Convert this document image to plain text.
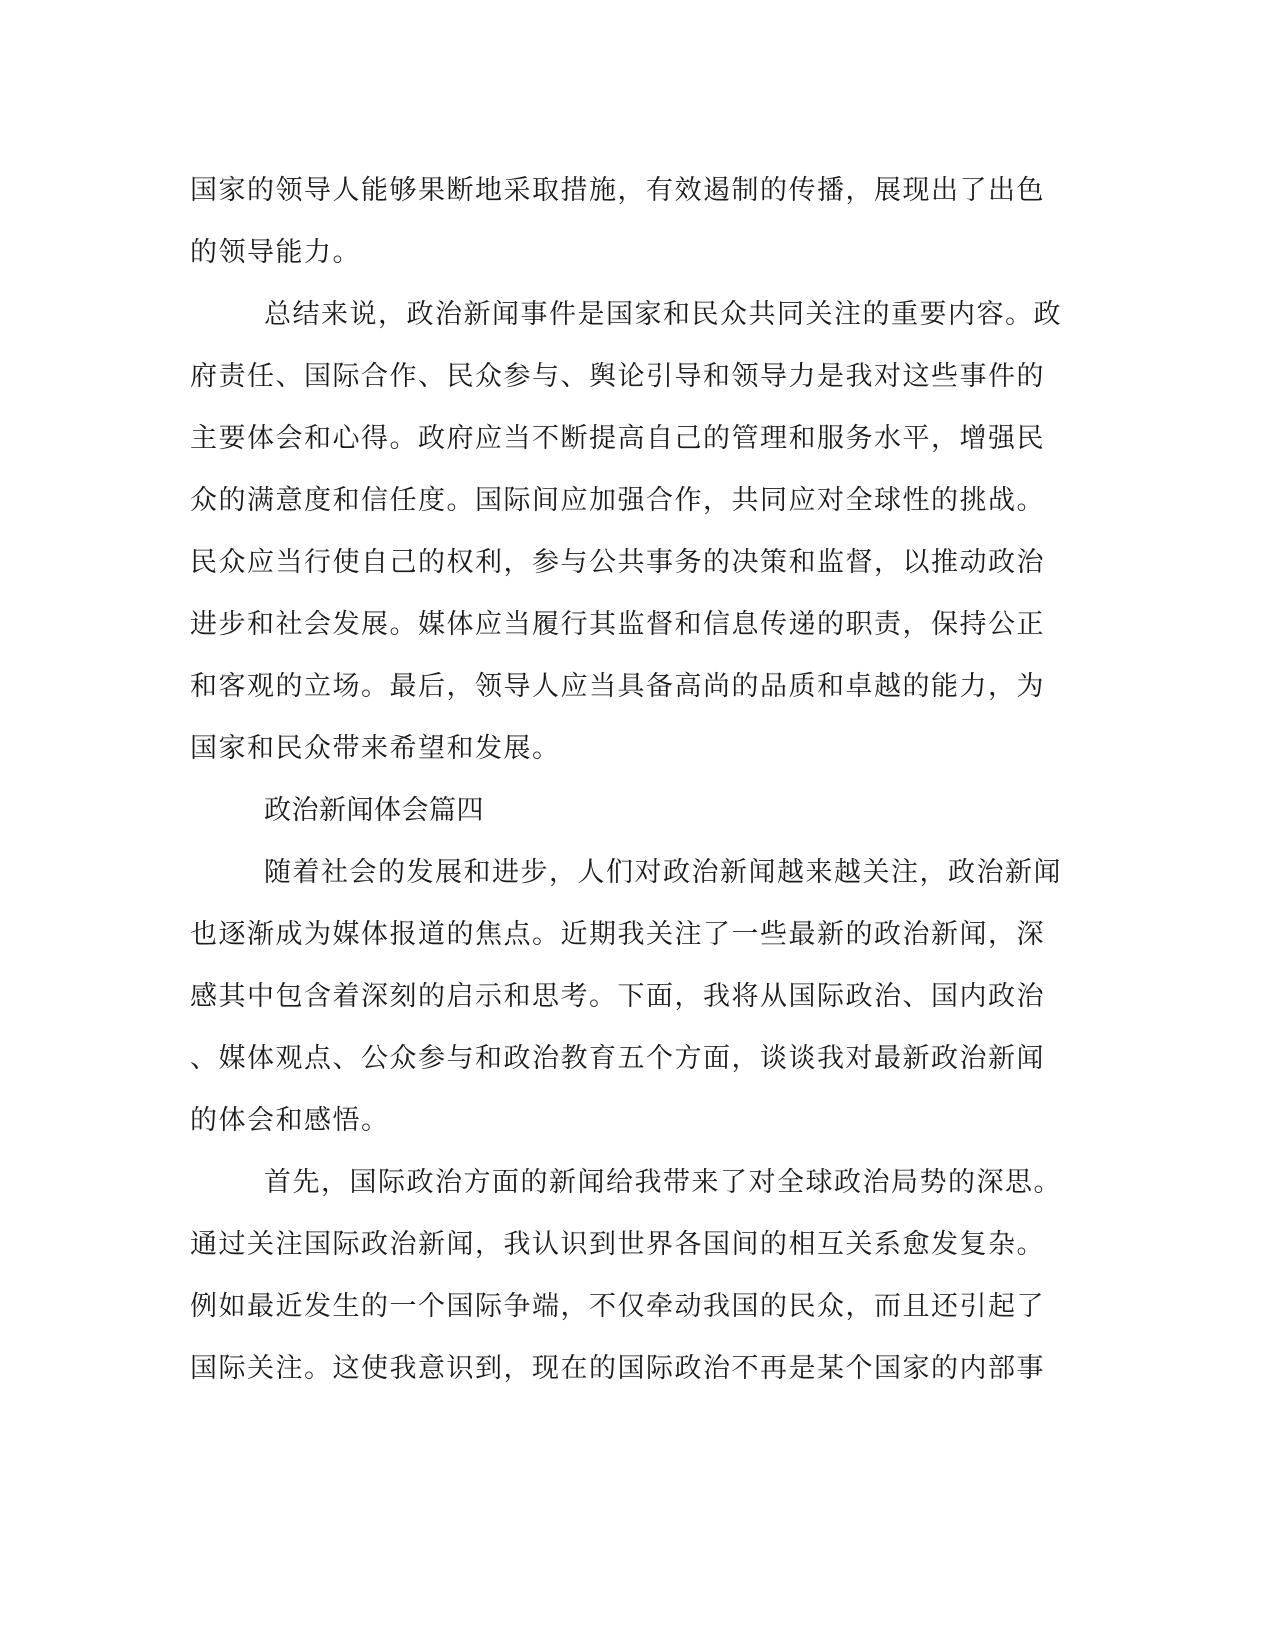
国家的领导人能够果断地采取措施，有效遏制的传播，展现出了出色
的领导能力。
总结来说，政治新闻事件是国家和民众共同关注的重要内容。政
府责任、国际合作、民众参与、舆论引导和领导力是我对这些事件的
主要体会和心得。政府应当不断提高自己的管理和服务水平，增强民
众的满意度和信任度。国际间应加强合作，共同应对全球性的挑战。
民众应当行使自己的权利，参与公共事务的决策和监督，以推动政治
进步和社会发展。媒体应当履行其监督和信息传递的职责，保持公正
和客观的立场。最后，领导人应当具备高尚的品质和卓越的能力，为
国家和民众带来希望和发展。
政治新闻体会篇四
随着社会的发展和进步，人们对政治新闻越来越关注，政治新闻
也逐渐成为媒体报道的焦点。近期我关注了一些最新的政治新闻，深
感其中包含着深刻的启示和思考。下面，我将从国际政治、国内政治
、媒体观点、公众参与和政治教育五个方面，谈谈我对最新政治新闻
的体会和感悟。
首先，国际政治方面的新闻给我带来了对全球政治局势的深思。
通过关注国际政治新闻，我认识到世界各国间的相互关系愈发复杂。
例如最近发生的一个国际争端，不仅牵动我国的民众，而且还引起了
国际关注。这使我意识到，现在的国际政治不再是某个国家的内部事
